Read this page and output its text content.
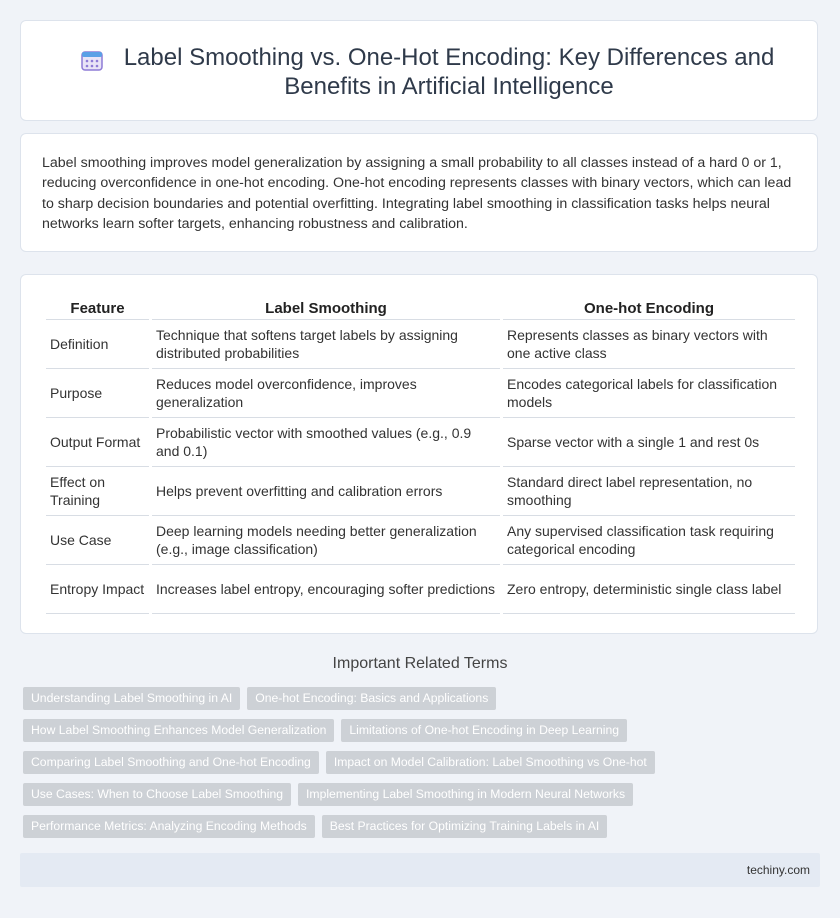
Label Smoothing vs. One-Hot Encoding: Key Differences and Benefits in Artificial Intelligence

Label smoothing improves model generalization by assigning a small probability to all classes instead of a hard 0 or 1, reducing overconfidence in one-hot encoding. One-hot encoding represents classes with binary vectors, which can lead to sharp decision boundaries and potential overfitting. Integrating label smoothing in classification tasks helps neural networks learn softer targets, enhancing robustness and calibration.

Feature	Label Smoothing	One-hot Encoding
Definition	Technique that softens target labels by assigning distributed probabilities	Represents classes as binary vectors with one active class
Purpose	Reduces model overconfidence, improves generalization	Encodes categorical labels for classification models
Output Format	Probabilistic vector with smoothed values (e.g., 0.9 and 0.1)	Sparse vector with a single 1 and rest 0s
Effect on Training	Helps prevent overfitting and calibration errors	Standard direct label representation, no smoothing
Use Case	Deep learning models needing better generalization (e.g., image classification)	Any supervised classification task requiring categorical encoding
Entropy Impact	Increases label entropy, encouraging softer predictions	Zero entropy, deterministic single class label
Important Related Terms
Understanding Label Smoothing in AI	One-hot Encoding: Basics and Applications
How Label Smoothing Enhances Model Generalization	Limitations of One-hot Encoding in Deep Learning
Comparing Label Smoothing and One-hot Encoding	Impact on Model Calibration: Label Smoothing vs One-hot
Use Cases: When to Choose Label Smoothing	Implementing Label Smoothing in Modern Neural Networks
Performance Metrics: Analyzing Encoding Methods	Best Practices for Optimizing Training Labels in AI
techiny.com
